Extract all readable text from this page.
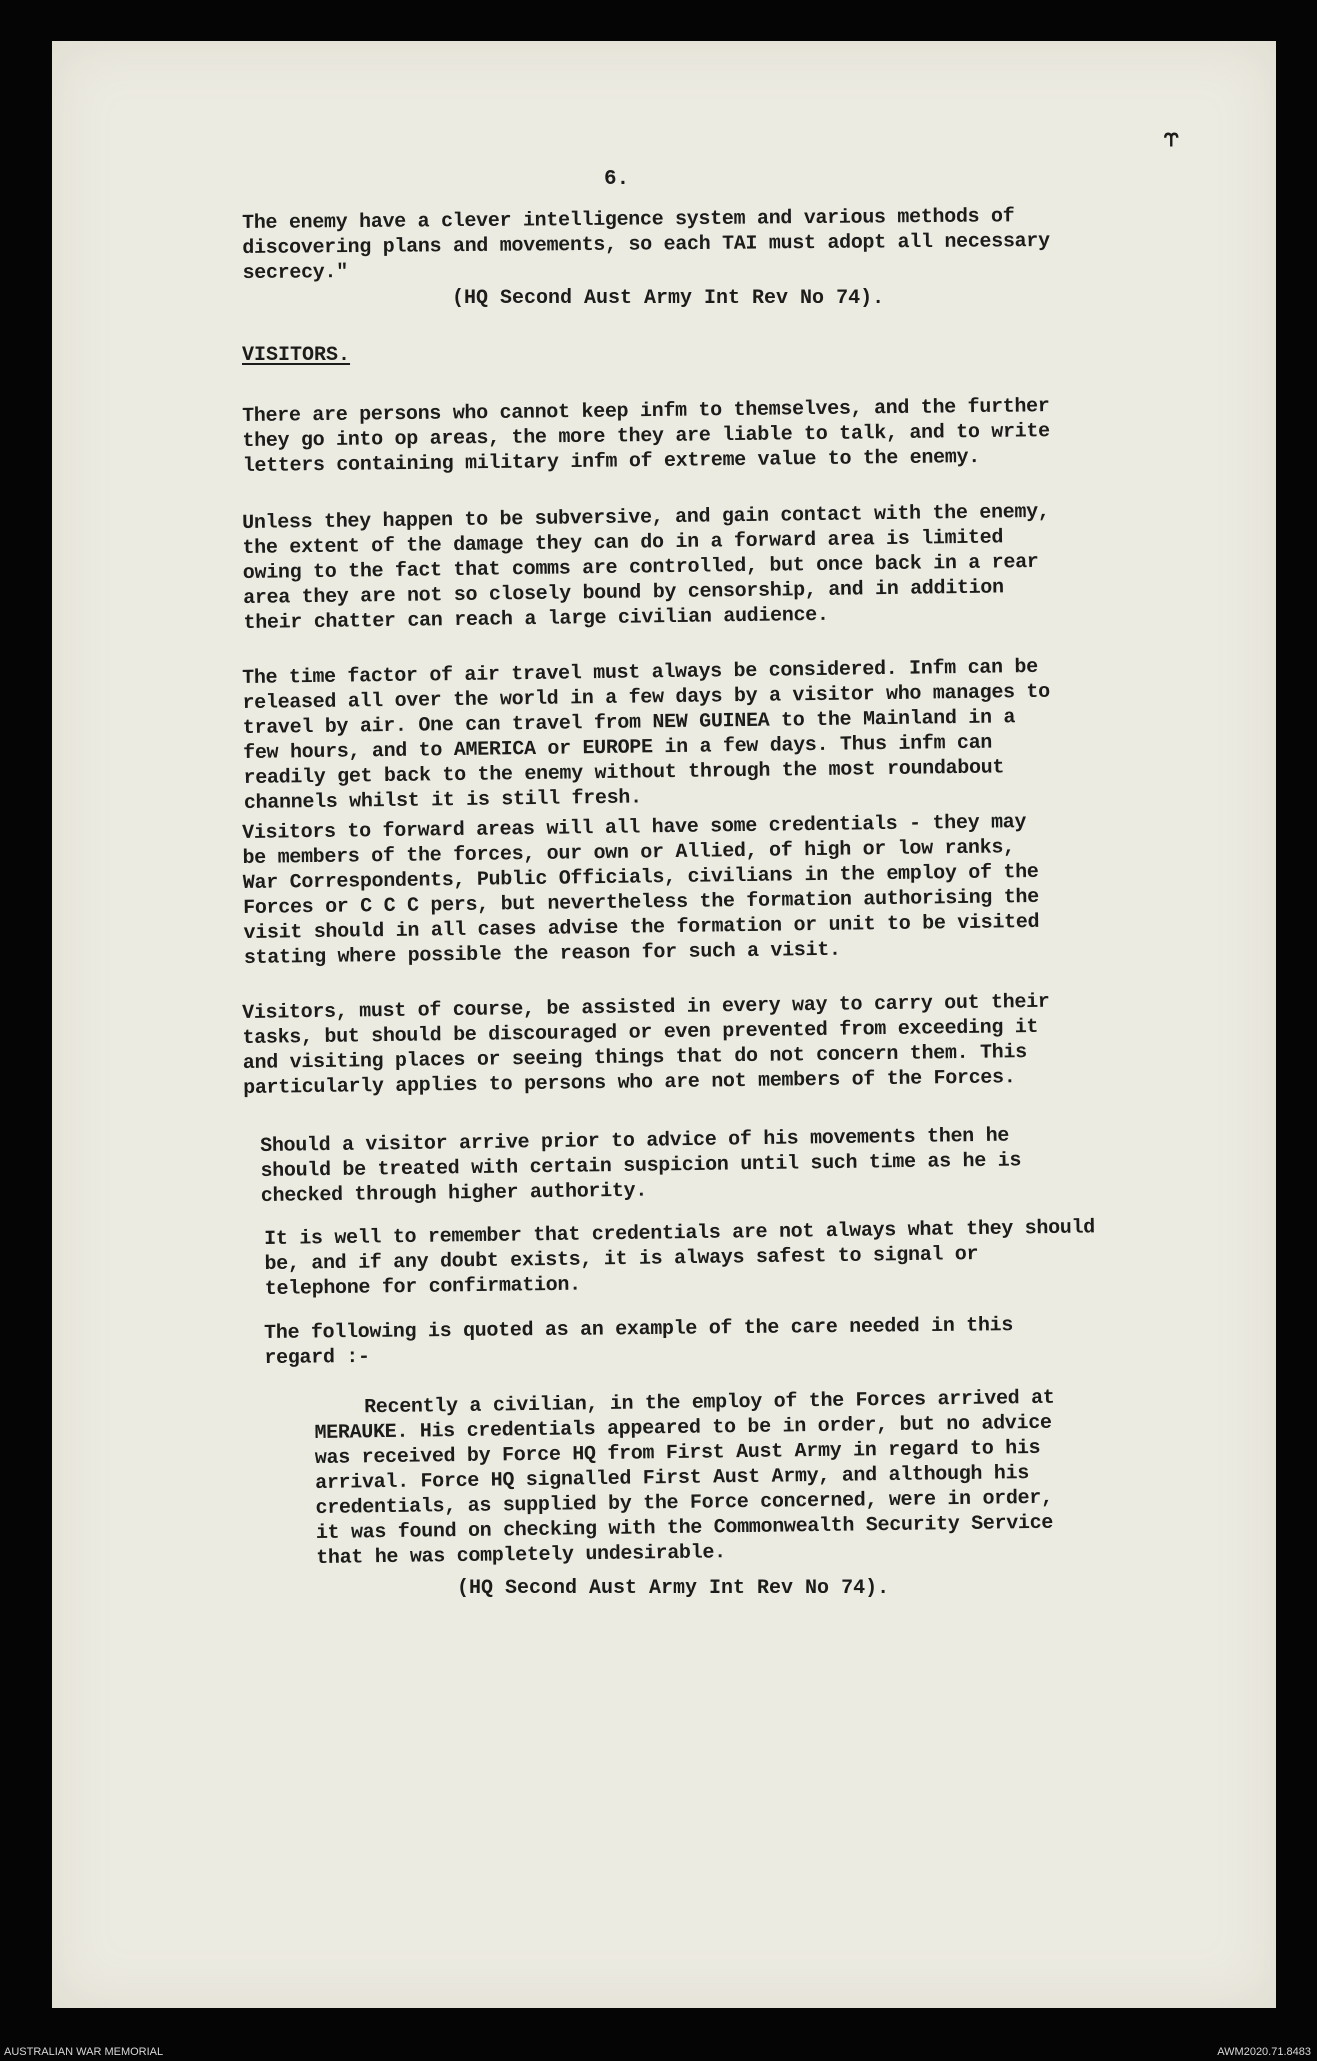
6.
⥼
The enemy have a clever intelligence system and various methods of
discovering plans and movements, so each TAI must adopt all necessary
secrecy."
(HQ Second Aust Army Int Rev No 74).
VISITORS.
There are persons who cannot keep infm to themselves, and the further
they go into op areas, the more they are liable to talk, and to write
letters containing military infm of extreme value to the enemy.
Unless they happen to be subversive, and gain contact with the enemy,
the extent of the damage they can do in a forward area is limited
owing to the fact that comms are controlled, but once back in a rear
area they are not so closely bound by censorship, and in addition
their chatter can reach a large civilian audience.
The time factor of air travel must always be considered. Infm can be
released all over the world in a few days by a visitor who manages to
travel by air. One can travel from NEW GUINEA to the Mainland in a
few hours, and to AMERICA or EUROPE in a few days. Thus infm can
readily get back to the enemy without through the most roundabout
channels whilst it is still fresh.
Visitors to forward areas will all have some credentials - they may
be members of the forces, our own or Allied, of high or low ranks,
War Correspondents, Public Officials, civilians in the employ of the
Forces or C C C pers, but nevertheless the formation authorising the
visit should in all cases advise the formation or unit to be visited
stating where possible the reason for such a visit.
Visitors, must of course, be assisted in every way to carry out their
tasks, but should be discouraged or even prevented from exceeding it
and visiting places or seeing things that do not concern them. This
particularly applies to persons who are not members of the Forces.
Should a visitor arrive prior to advice of his movements then he
should be treated with certain suspicion until such time as he is
checked through higher authority.
It is well to remember that credentials are not always what they should
be, and if any doubt exists, it is always safest to signal or
telephone for confirmation.
The following is quoted as an example of the care needed in this
regard :-
Recently a civilian, in the employ of the Forces arrived at
MERAUKE. His credentials appeared to be in order, but no advice
was received by Force HQ from First Aust Army in regard to his
arrival. Force HQ signalled First Aust Army, and although his
credentials, as supplied by the Force concerned, were in order,
it was found on checking with the Commonwealth Security Service
that he was completely undesirable.
(HQ Second Aust Army Int Rev No 74).
AUSTRALIAN WAR MEMORIAL	AWM2020.71.8483
